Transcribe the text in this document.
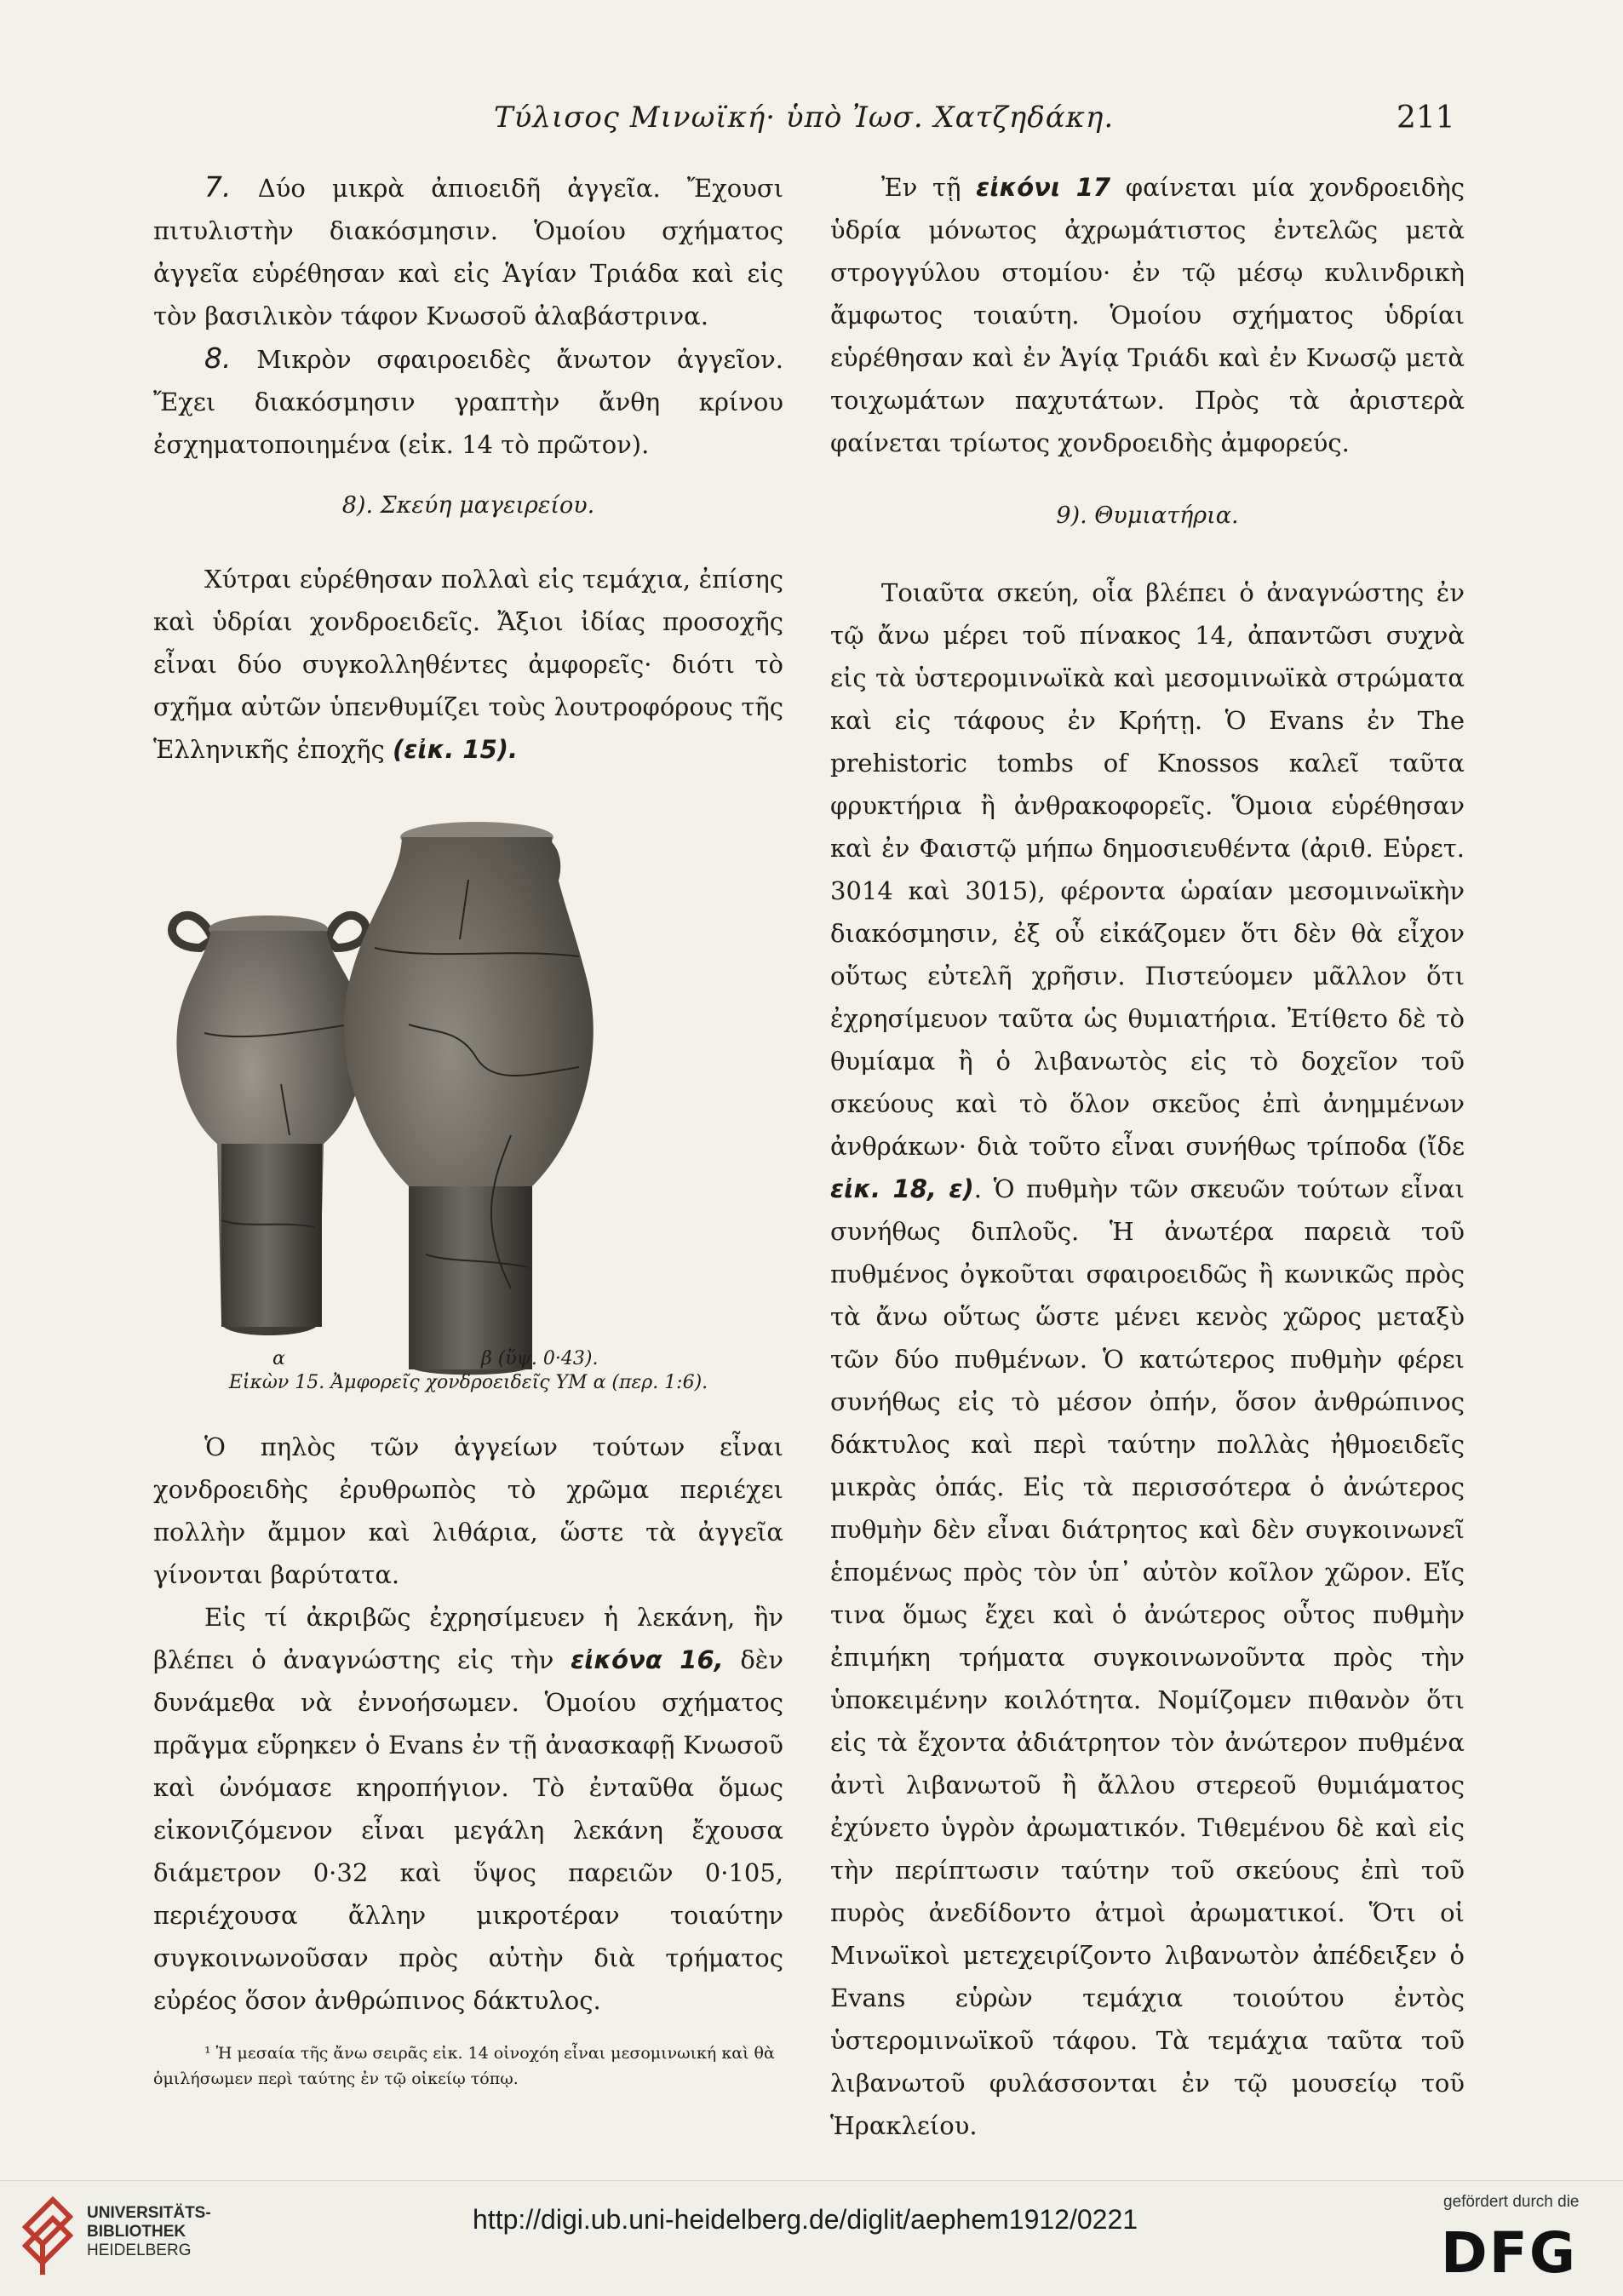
Τύλισος Μινωϊκή· ὑπὸ Ἰωσ. Χατζηδάκη.	211

7. Δύο μικρὰ ἀπιοειδῆ ἀγγεῖα. Ἔχουσι πιτυλιστὴν διακόσμησιν. Ὁμοίου σχήματος ἀγγεῖα εὑρέθησαν καὶ εἰς Ἁγίαν Τριάδα καὶ εἰς τὸν βασιλικὸν τάφον Κνωσοῦ ἀλαβάστρινα.

8. Μικρὸν σφαιροειδὲς ἄνωτον ἀγγεῖον. Ἔχει διακόσμησιν γραπτὴν ἄνθη κρίνου ἐσχηματοποιημένα (εἰκ. 14 τὸ πρῶτον).

8). Σκεύη μαγειρείου.

Χύτραι εὑρέθησαν πολλαὶ εἰς τεμάχια, ἐπίσης καὶ ὑδρίαι χονδροειδεῖς. Ἄξιοι ἰδίας προσοχῆς εἶναι δύο συγκολληθέντες ἀμφορεῖς· διότι τὸ σχῆμα αὐτῶν ὑπενθυμίζει τοὺς λουτροφόρους τῆς Ἑλληνικῆς ἐποχῆς (εἰκ. 15).

α	β (ὕψ. 0·43).
Εἰκὼν 15. Ἀμφορεῖς χονδροειδεῖς ΥΜ α (περ. 1:6).

Ὁ πηλὸς τῶν ἀγγείων τούτων εἶναι χονδροειδὴς ἐρυθρωπὸς τὸ χρῶμα περιέχει πολλὴν ἄμμον καὶ λιθάρια, ὥστε τὰ ἀγγεῖα γίνονται βαρύτατα.

Εἰς τί ἀκριβῶς ἐχρησίμευεν ἡ λεκάνη, ἣν βλέπει ὁ ἀναγνώστης εἰς τὴν εἰκόνα 16, δὲν δυνάμεθα νὰ ἐννοήσωμεν. Ὁμοίου σχήματος πρᾶγμα εὕρηκεν ὁ Evans ἐν τῇ ἀνασκαφῇ Κνωσοῦ καὶ ὠνόμασε κηροπήγιον. Τὸ ἐνταῦθα ὅμως εἰκονιζόμενον εἶναι μεγάλη λεκάνη ἔχουσα διάμετρον 0·32 καὶ ὕψος παρειῶν 0·105, περιέχουσα ἄλλην μικροτέραν τοιαύτην συγκοινωνοῦσαν πρὸς αὐτὴν διὰ τρήματος εὐρέος ὅσον ἀνθρώπινος δάκτυλος.

¹ Ἡ μεσαία τῆς ἄνω σειρᾶς εἰκ. 14 οἰνοχόη εἶναι μεσομινωική καὶ θὰ ὁμιλήσωμεν περὶ ταύτης ἐν τῷ οἰκείῳ τόπῳ.

Ἐν τῇ εἰκόνι 17 φαίνεται μία χονδροειδὴς ὑδρία μόνωτος ἀχρωμάτιστος ἐντελῶς μετὰ στρογγύλου στομίου· ἐν τῷ μέσῳ κυλινδρικὴ ἄμφωτος τοιαύτη. Ὁμοίου σχήματος ὑδρίαι εὑρέθησαν καὶ ἐν Ἁγίᾳ Τριάδι καὶ ἐν Κνωσῷ μετὰ τοιχωμάτων παχυτάτων. Πρὸς τὰ ἀριστερὰ φαίνεται τρίωτος χονδροειδὴς ἀμφορεύς.

9). Θυμιατήρια.

Τοιαῦτα σκεύη, οἷα βλέπει ὁ ἀναγνώστης ἐν τῷ ἄνω μέρει τοῦ πίνακος 14, ἀπαντῶσι συχνὰ εἰς τὰ ὑστερομινωϊκὰ καὶ μεσομινωϊκὰ στρώματα καὶ εἰς τάφους ἐν Κρήτῃ. Ὁ Evans ἐν The prehistoric tombs of Knossos καλεῖ ταῦτα φρυκτήρια ἢ ἀνθρακοφορεῖς. Ὅμοια εὑρέθησαν καὶ ἐν Φαιστῷ μήπω δημοσιευθέντα (ἀριθ. Εὑρετ. 3014 καὶ 3015), φέροντα ὡραίαν μεσομινωϊκὴν διακόσμησιν, ἐξ οὗ εἰκάζομεν ὅτι δὲν θὰ εἶχον οὕτως εὐτελῆ χρῆσιν. Πιστεύομεν μᾶλλον ὅτι ἐχρησίμευον ταῦτα ὡς θυμιατήρια. Ἐτίθετο δὲ τὸ θυμίαμα ἢ ὁ λιβανωτὸς εἰς τὸ δοχεῖον τοῦ σκεύους καὶ τὸ ὅλον σκεῦος ἐπὶ ἀνημμένων ἀνθράκων· διὰ τοῦτο εἶναι συνήθως τρίποδα (ἴδε εἰκ. 18, ε). Ὁ πυθμὴν τῶν σκευῶν τούτων εἶναι συνήθως διπλοῦς. Ἡ ἀνωτέρα παρειὰ τοῦ πυθμένος ὀγκοῦται σφαιροειδῶς ἢ κωνικῶς πρὸς τὰ ἄνω οὕτως ὥστε μένει κενὸς χῶρος μεταξὺ τῶν δύο πυθμένων. Ὁ κατώτερος πυθμὴν φέρει συνήθως εἰς τὸ μέσον ὀπήν, ὅσον ἀνθρώπινος δάκτυλος καὶ περὶ ταύτην πολλὰς ἠθμοειδεῖς μικρὰς ὀπάς. Εἰς τὰ περισσότερα ὁ ἀνώτερος πυθμὴν δὲν εἶναι διάτρητος καὶ δὲν συγκοινωνεῖ ἑπομένως πρὸς τὸν ὑπ᾿ αὐτὸν κοῖλον χῶρον. Εἴς τινα ὅμως ἔχει καὶ ὁ ἀνώτερος οὗτος πυθμὴν ἐπιμήκη τρήματα συγκοινωνοῦντα πρὸς τὴν ὑποκειμένην κοιλότητα. Νομίζομεν πιθανὸν ὅτι εἰς τὰ ἔχοντα ἀδιάτρητον τὸν ἀνώτερον πυθμένα ἀντὶ λιβανωτοῦ ἢ ἄλλου στερεοῦ θυμιάματος ἐχύνετο ὑγρὸν ἀρωματικόν. Τιθεμένου δὲ καὶ εἰς τὴν περίπτωσιν ταύτην τοῦ σκεύους ἐπὶ τοῦ πυρὸς ἀνεδίδοντο ἀτμοὶ ἀρωματικοί. Ὅτι οἱ Μινωϊκοὶ μετεχειρίζοντο λιβανωτὸν ἀπέδειξεν ὁ Evans εὑρὼν τεμάχια τοιούτου ἐντὸς ὑστερομινωϊκοῦ τάφου. Τὰ τεμάχια ταῦτα τοῦ λιβανωτοῦ φυλάσσονται ἐν τῷ μουσείῳ τοῦ Ἡρακλείου.

UNIVERSITÄTS-
BIBLIOTHEK
HEIDELBERG
http://digi.ub.uni-heidelberg.de/diglit/aephem1912/0221
gefördert durch die
DFG
